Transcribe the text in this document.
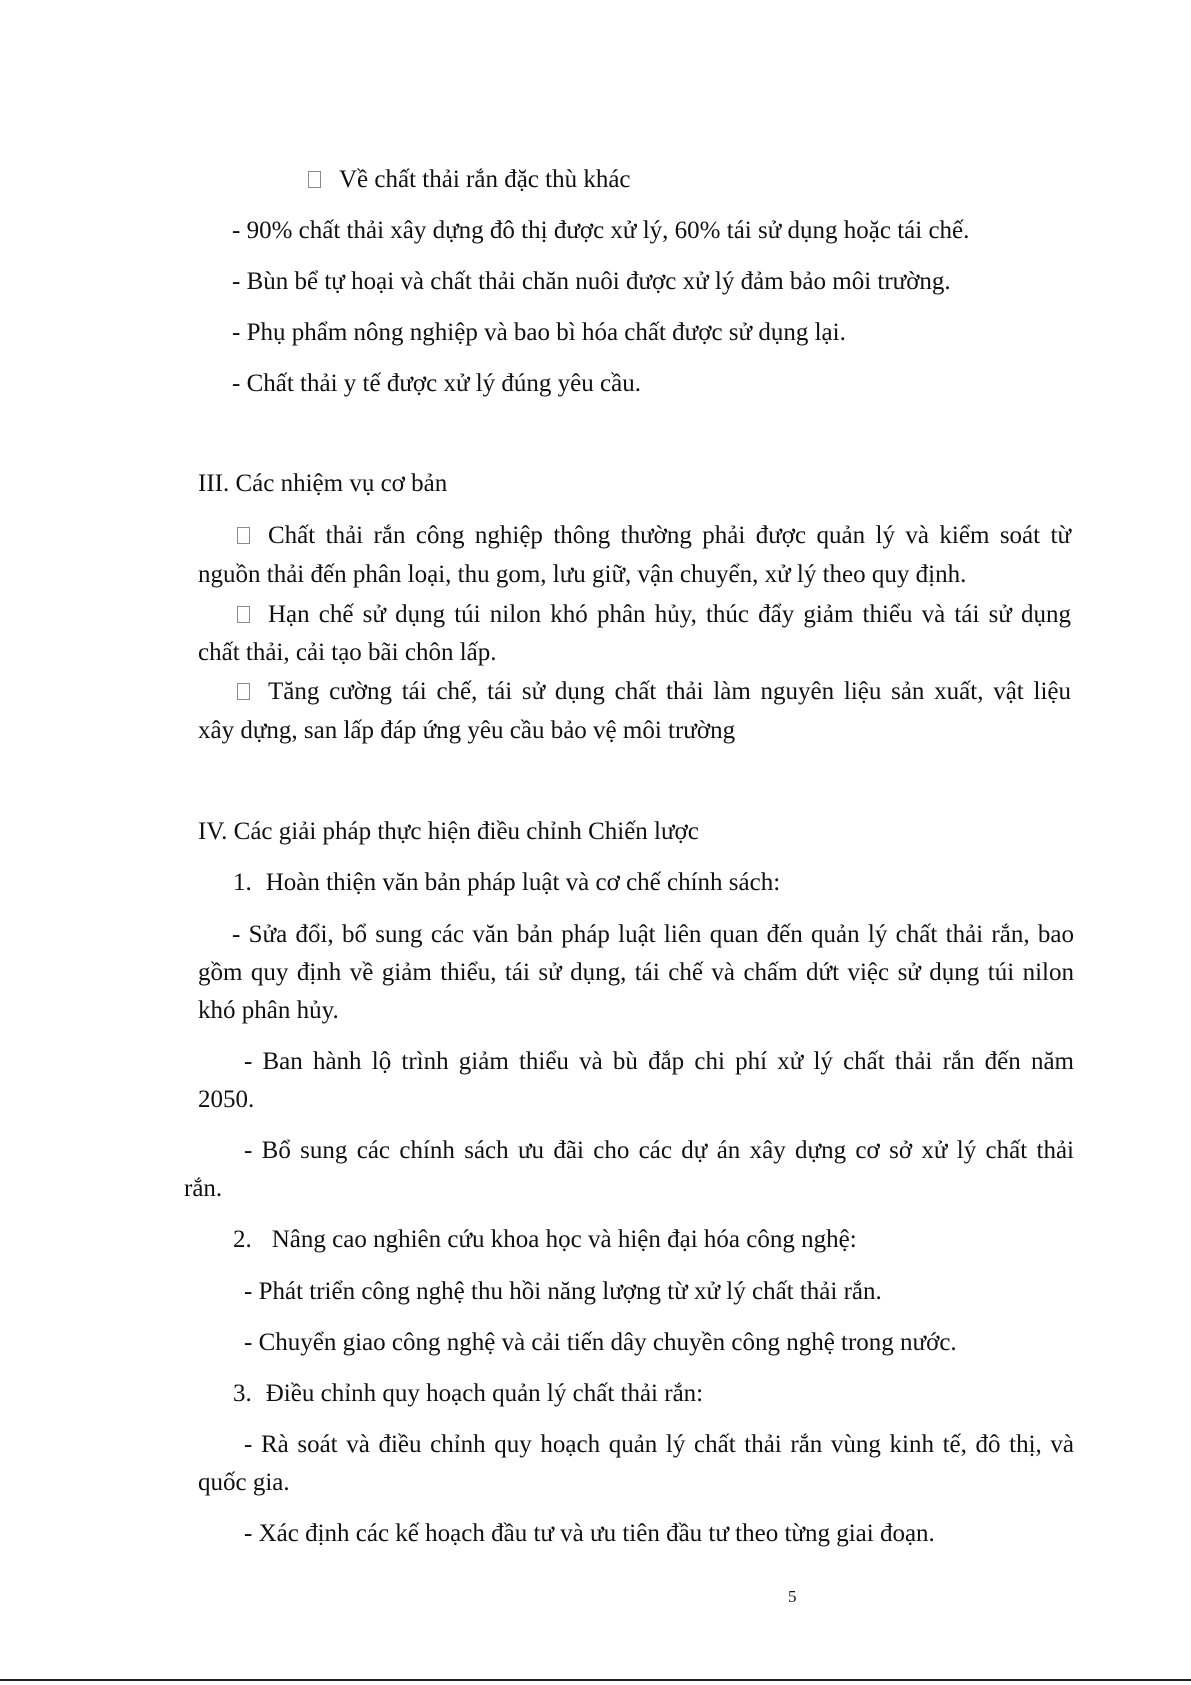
Về chất thải rắn đặc thù khác
- 90% chất thải xây dựng đô thị được xử lý, 60% tái sử dụng hoặc tái chế.
- Bùn bể tự hoại và chất thải chăn nuôi được xử lý đảm bảo môi trường.
- Phụ phẩm nông nghiệp và bao bì hóa chất được sử dụng lại.
- Chất thải y tế được xử lý đúng yêu cầu.
III. Các nhiệm vụ cơ bản
Chất thải rắn công nghiệp thông thường phải được quản lý và kiểm soát từ
nguồn thải đến phân loại, thu gom, lưu giữ, vận chuyển, xử lý theo quy định.
Hạn chế sử dụng túi nilon khó phân hủy, thúc đẩy giảm thiểu và tái sử dụng
chất thải, cải tạo bãi chôn lấp.
Tăng cường tái chế, tái sử dụng chất thải làm nguyên liệu sản xuất, vật liệu
xây dựng, san lấp đáp ứng yêu cầu bảo vệ môi trường
IV. Các giải pháp thực hiện điều chỉnh Chiến lược
1. Hoàn thiện văn bản pháp luật và cơ chế chính sách:
- Sửa đổi, bổ sung các văn bản pháp luật liên quan đến quản lý chất thải rắn, bao
gồm quy định về giảm thiểu, tái sử dụng, tái chế và chấm dứt việc sử dụng túi nilon
khó phân hủy.
- Ban hành lộ trình giảm thiểu và bù đắp chi phí xử lý chất thải rắn đến năm
2050.
- Bổ sung các chính sách ưu đãi cho các dự án xây dựng cơ sở xử lý chất thải
rắn.
2. Nâng cao nghiên cứu khoa học và hiện đại hóa công nghệ:
- Phát triển công nghệ thu hồi năng lượng từ xử lý chất thải rắn.
- Chuyển giao công nghệ và cải tiến dây chuyền công nghệ trong nước.
3. Điều chỉnh quy hoạch quản lý chất thải rắn:
- Rà soát và điều chỉnh quy hoạch quản lý chất thải rắn vùng kinh tế, đô thị, và
quốc gia.
- Xác định các kế hoạch đầu tư và ưu tiên đầu tư theo từng giai đoạn.
5
